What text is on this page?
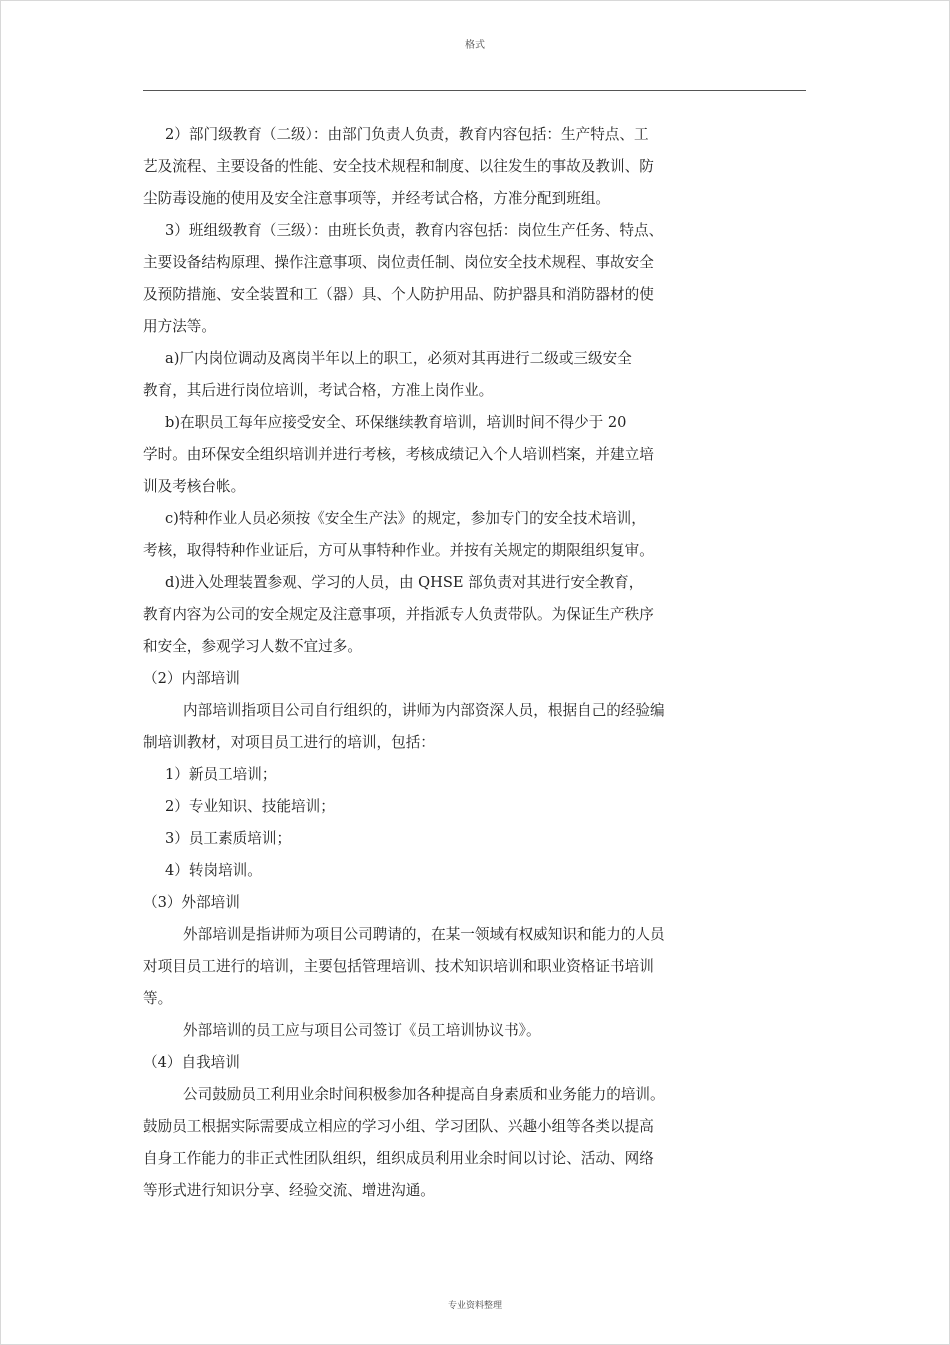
格式
2）部门级教育（二级）：由部门负责人负责，教育内容包括：生产特点、工
艺及流程、主要设备的性能、安全技术规程和制度、以往发生的事故及教训、防
尘防毒设施的使用及安全注意事项等，并经考试合格，方准分配到班组。
3）班组级教育（三级）：由班长负责，教育内容包括：岗位生产任务、特点、
主要设备结构原理、操作注意事项、岗位责任制、岗位安全技术规程、事故安全
及预防措施、安全装置和工（器）具、个人防护用品、防护器具和消防器材的使
用方法等。
a)厂内岗位调动及离岗半年以上的职工，必须对其再进行二级或三级安全
教育，其后进行岗位培训，考试合格，方准上岗作业。
b)在职员工每年应接受安全、环保继续教育培训，培训时间不得少于 20
学时。由环保安全组织培训并进行考核，考核成绩记入个人培训档案，并建立培
训及考核台帐。
c)特种作业人员必须按《安全生产法》的规定，参加专门的安全技术培训，
考核，取得特种作业证后，方可从事特种作业。并按有关规定的期限组织复审。
d)进入处理装置参观、学习的人员，由 QHSE 部负责对其进行安全教育，
教育内容为公司的安全规定及注意事项，并指派专人负责带队。为保证生产秩序
和安全，参观学习人数不宜过多。
（2）内部培训
内部培训指项目公司自行组织的，讲师为内部资深人员，根据自己的经验编
制培训教材，对项目员工进行的培训，包括：
1）新员工培训；
2）专业知识、技能培训；
3）员工素质培训；
4）转岗培训。
（3）外部培训
外部培训是指讲师为项目公司聘请的，在某一领域有权威知识和能力的人员
对项目员工进行的培训，主要包括管理培训、技术知识培训和职业资格证书培训
等。
外部培训的员工应与项目公司签订《员工培训协议书》。
（4）自我培训
公司鼓励员工利用业余时间积极参加各种提高自身素质和业务能力的培训。
鼓励员工根据实际需要成立相应的学习小组、学习团队、兴趣小组等各类以提高
自身工作能力的非正式性团队组织，组织成员利用业余时间以讨论、活动、网络
等形式进行知识分享、经验交流、增进沟通。
专业资料整理
